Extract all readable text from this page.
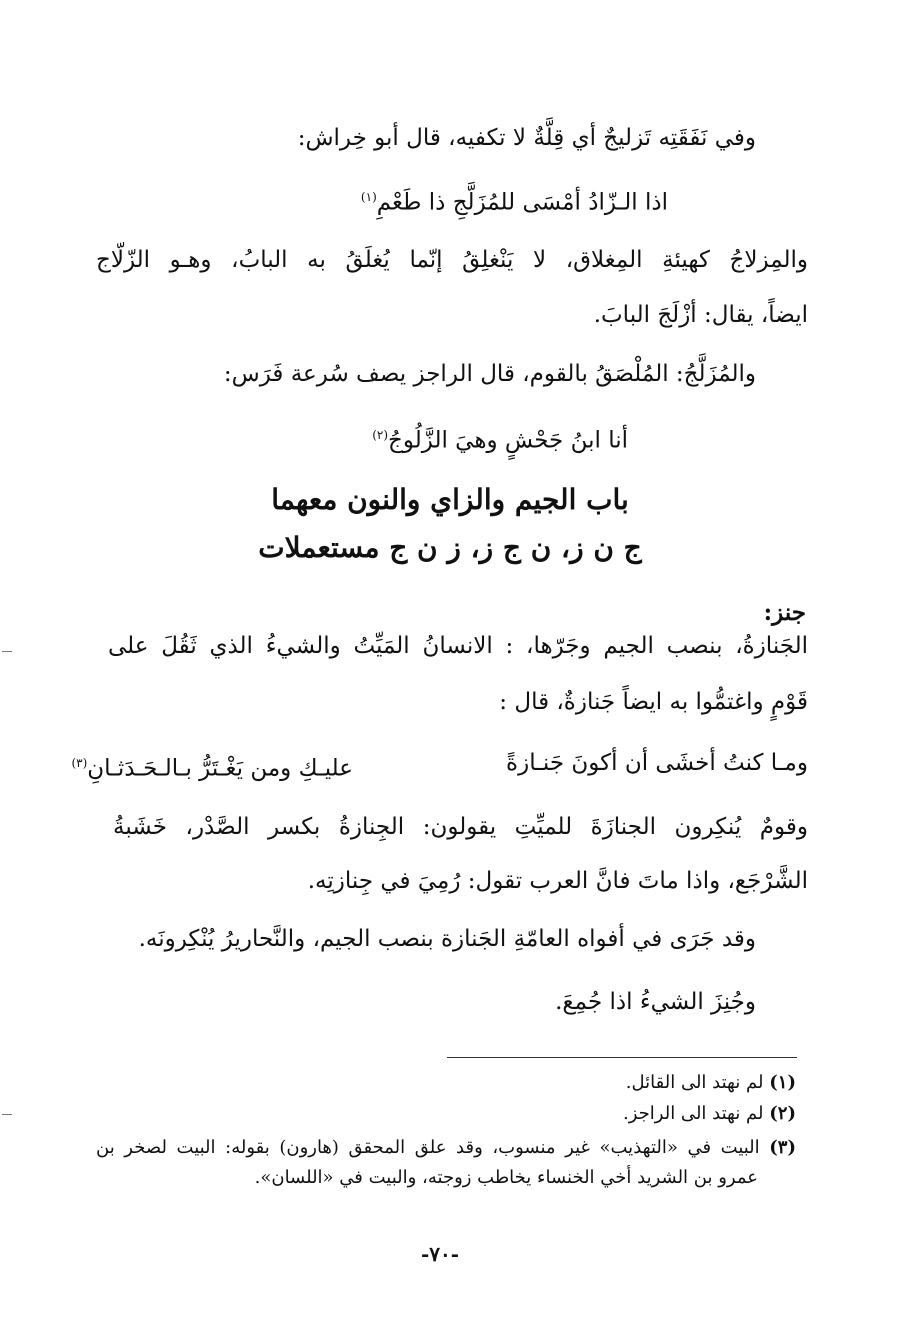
وفي نَفَقَتِه تَزليجٌ أي قِلَّةٌ لا تكفيه، قال أبو خِراش:
اذا الـزّادُ أمْسَى للمُزَلَّجِ ذا طَعْمِ$^{(١)}$
والمِزلاجُ كهيئةِ المِغلاق، لا يَنْغلِقُ إنّما يُغلَقُ به البابُ، وهـو الزّلّاج
ايضاً، يقال: أزْلَجَ البابَ.
والمُزَلَّجُ: المُلْصَقُ بالقوم، قال الراجز يصف سُرعة فَرَس:
أنا ابنُ جَحْشٍ وهيَ الزَّلُوجُ$^{(٢)}$
باب الجيم والزاي والنون معهما
ج ن ز، ن ج ز، ز ن ج مستعملات
جنز:
الجَنازةُ، بنصب الجيم وجَرّها، : الانسانُ المَيِّتُ والشيءُ الذي ثَقُلَ على
قَوْمٍ واغتمُّوا به ايضاً جَنازةٌ، قال :
ومـا كنتُ أخشَى أن أكونَ جَنـازةً
عليـكِ ومن يَغْـتَرُّ بـالـحَـدَثـانِ$^{(٣)}$
وقومٌ يُنكِرون الجنازَةَ للميِّتِ يقولون: الجِنازةُ بكسر الصَّدْر، خَشَبةُ
الشَّرْجَع، واذا ماتَ فانَّ العرب تقول: رُمِيَ في جِنازتِه.
وقد جَرَى في أفواه العامّةِ الجَنازة بنصب الجيم، والنَّحاريرُ يُنْكِرونَه.
وجُنِزَ الشيءُ اذا جُمِعَ.
(١) لم نهتد الى القائل.
(٢) لم نهتد الى الراجز.
(٣) البيت في «التهذيب» غير منسوب، وقد علق المحقق (هارون) بقوله: البيت لصخر بن
عمرو بن الشريد أخي الخنساء يخاطب زوجته، والبيت في «اللسان».
-٧٠-
